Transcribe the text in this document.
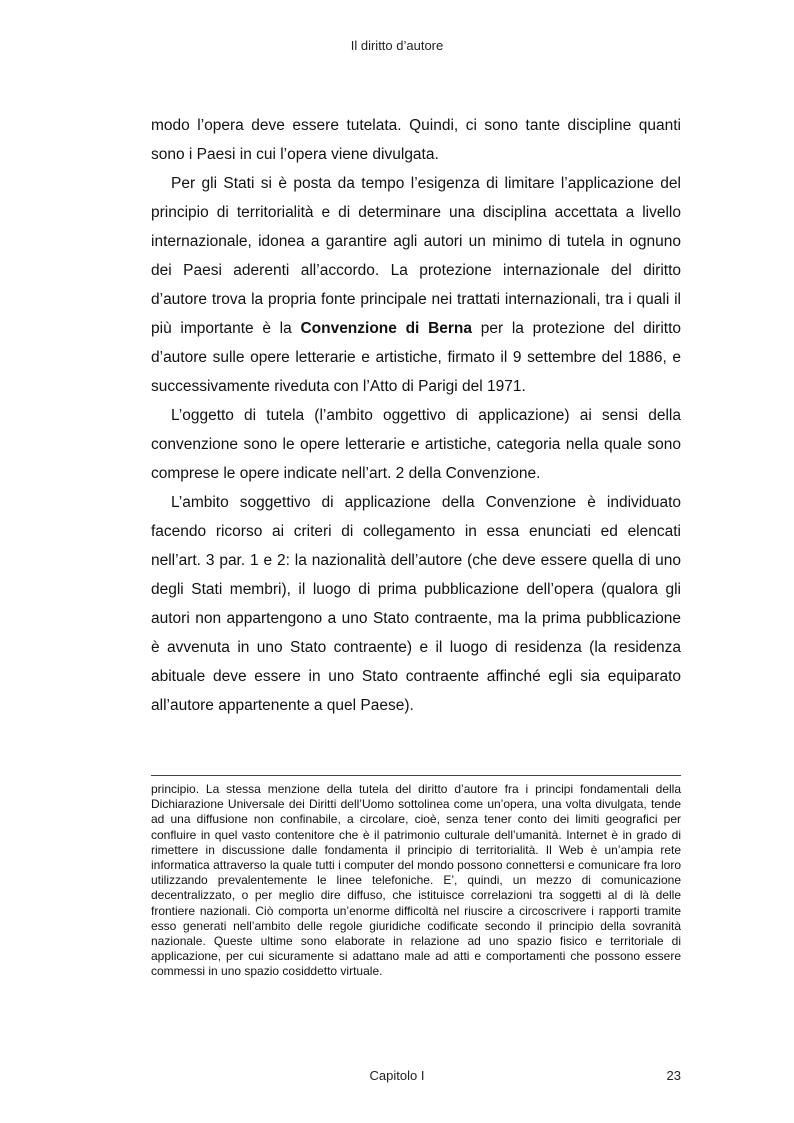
Il diritto d’autore

modo l’opera deve essere tutelata. Quindi, ci sono tante discipline quanti sono i Paesi in cui l’opera viene divulgata.

Per gli Stati si è posta da tempo l’esigenza di limitare l’applicazione del principio di territorialità e di determinare una disciplina accettata a livello internazionale, idonea a garantire agli autori un minimo di tutela in ognuno dei Paesi aderenti all’accordo. La protezione internazionale del diritto d’autore trova la propria fonte principale nei trattati internazionali, tra i quali il più importante è la Convenzione di Berna per la protezione del diritto d’autore sulle opere letterarie e artistiche, firmato il 9 settembre del 1886, e successivamente riveduta con l’Atto di Parigi del 1971.

L’oggetto di tutela (l’ambito oggettivo di applicazione) ai sensi della convenzione sono le opere letterarie e artistiche, categoria nella quale sono comprese le opere indicate nell’art. 2 della Convenzione.

L’ambito soggettivo di applicazione della Convenzione è individuato facendo ricorso ai criteri di collegamento in essa enunciati ed elencati nell’art. 3 par. 1 e 2: la nazionalità dell’autore (che deve essere quella di uno degli Stati membri), il luogo di prima pubblicazione dell’opera (qualora gli autori non appartengono a uno Stato contraente, ma la prima pubblicazione è avvenuta in uno Stato contraente) e il luogo di residenza (la residenza abituale deve essere in uno Stato contraente affinché egli sia equiparato all’autore appartenente a quel Paese).

principio. La stessa menzione della tutela del diritto d’autore fra i principi fondamentali della Dichiarazione Universale dei Diritti dell’Uomo sottolinea come un’opera, una volta divulgata, tende ad una diffusione non confinabile, a circolare, cioè, senza tener conto dei limiti geografici per confluire in quel vasto contenitore che è il patrimonio culturale dell’umanità. Internet è in grado di rimettere in discussione dalle fondamenta il principio di territorialità. Il Web è un’ampia rete informatica attraverso la quale tutti i computer del mondo possono connettersi e comunicare fra loro utilizzando prevalentemente le linee telefoniche. E’, quindi, un mezzo di comunicazione decentralizzato, o per meglio dire diffuso, che istituisce correlazioni tra soggetti al di là delle frontiere nazionali. Ciò comporta un’enorme difficoltà nel riuscire a circoscrivere i rapporti tramite esso generati nell’ambito delle regole giuridiche codificate secondo il principio della sovranità nazionale. Queste ultime sono elaborate in relazione ad uno spazio fisico e territoriale di applicazione, per cui sicuramente si adattano male ad atti e comportamenti che possono essere commessi in uno spazio cosiddetto virtuale.

Capitolo I	23
